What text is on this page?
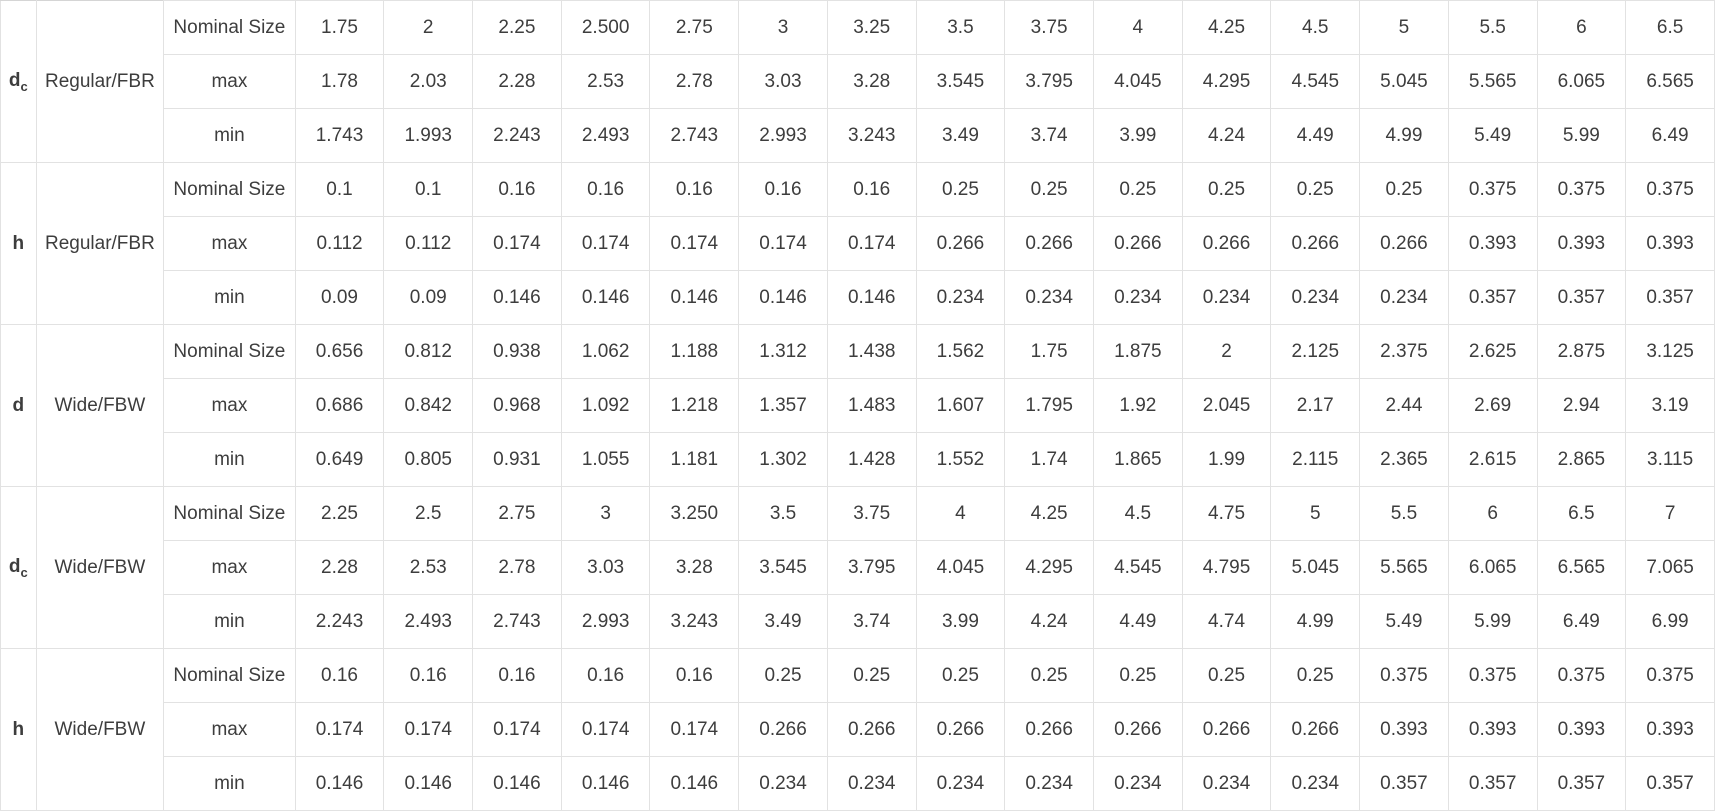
$d_c$	Regular/FBR	Nominal Size	1.75	2	2.25	2.500	2.75	3	3.25	3.5	3.75	4	4.25	4.5	5	5.5	6	6.5
		max	1.78	2.03	2.28	2.53	2.78	3.03	3.28	3.545	3.795	4.045	4.295	4.545	5.045	5.565	6.065	6.565
		min	1.743	1.993	2.243	2.493	2.743	2.993	3.243	3.49	3.74	3.99	4.24	4.49	4.99	5.49	5.99	6.49
h	Regular/FBR	Nominal Size	0.1	0.1	0.16	0.16	0.16	0.16	0.16	0.25	0.25	0.25	0.25	0.25	0.25	0.375	0.375	0.375
		max	0.112	0.112	0.174	0.174	0.174	0.174	0.174	0.266	0.266	0.266	0.266	0.266	0.266	0.393	0.393	0.393
		min	0.09	0.09	0.146	0.146	0.146	0.146	0.146	0.234	0.234	0.234	0.234	0.234	0.234	0.357	0.357	0.357
d	Wide/FBW	Nominal Size	0.656	0.812	0.938	1.062	1.188	1.312	1.438	1.562	1.75	1.875	2	2.125	2.375	2.625	2.875	3.125
		max	0.686	0.842	0.968	1.092	1.218	1.357	1.483	1.607	1.795	1.92	2.045	2.17	2.44	2.69	2.94	3.19
		min	0.649	0.805	0.931	1.055	1.181	1.302	1.428	1.552	1.74	1.865	1.99	2.115	2.365	2.615	2.865	3.115
$d_c$	Wide/FBW	Nominal Size	2.25	2.5	2.75	3	3.250	3.5	3.75	4	4.25	4.5	4.75	5	5.5	6	6.5	7
		max	2.28	2.53	2.78	3.03	3.28	3.545	3.795	4.045	4.295	4.545	4.795	5.045	5.565	6.065	6.565	7.065
		min	2.243	2.493	2.743	2.993	3.243	3.49	3.74	3.99	4.24	4.49	4.74	4.99	5.49	5.99	6.49	6.99
h	Wide/FBW	Nominal Size	0.16	0.16	0.16	0.16	0.16	0.25	0.25	0.25	0.25	0.25	0.25	0.25	0.375	0.375	0.375	0.375
		max	0.174	0.174	0.174	0.174	0.174	0.266	0.266	0.266	0.266	0.266	0.266	0.266	0.393	0.393	0.393	0.393
		min	0.146	0.146	0.146	0.146	0.146	0.234	0.234	0.234	0.234	0.234	0.234	0.234	0.357	0.357	0.357	0.357
